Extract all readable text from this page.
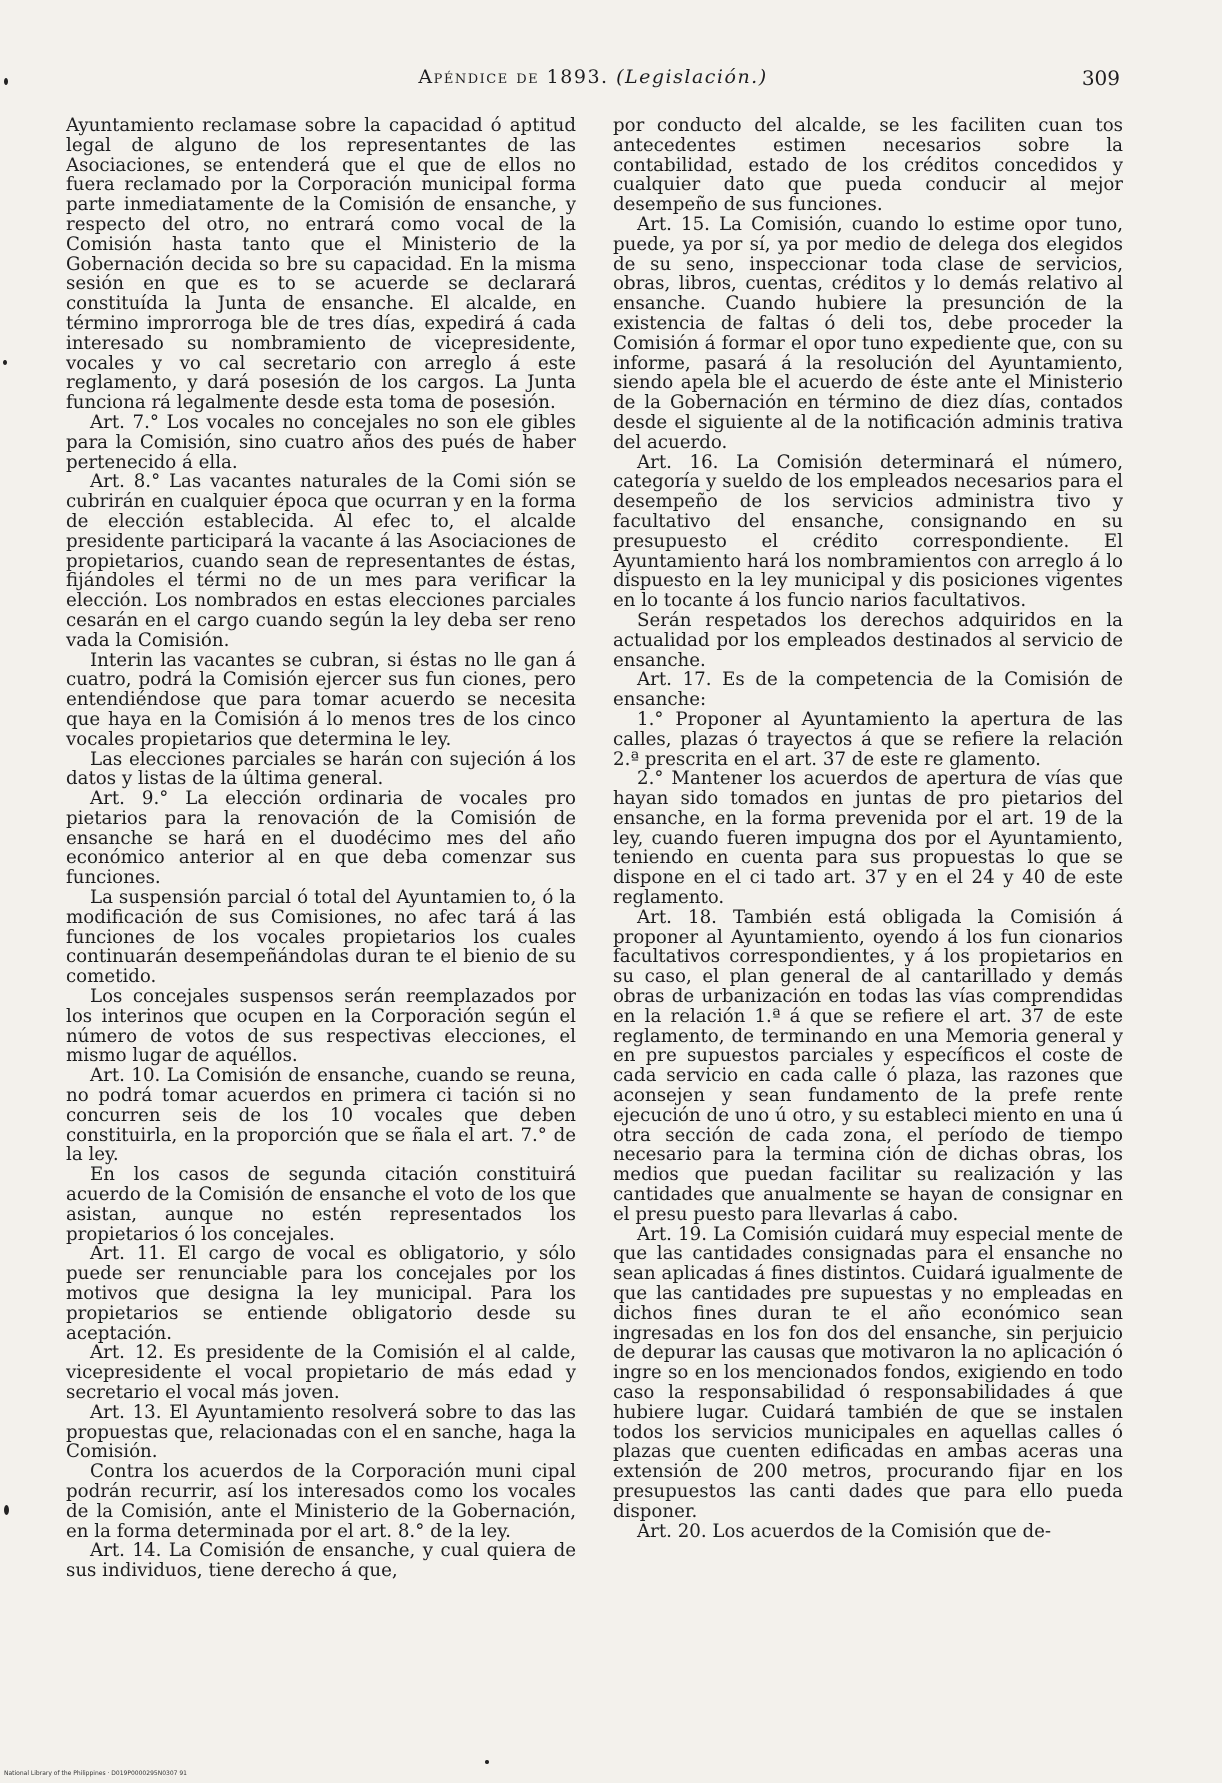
Apéndice de 1893. (Legislación.)	309

Ayuntamiento reclamase sobre la capacidad ó aptitud legal de alguno de los representantes de las Asociaciones, se entenderá que el que de ellos no fuera reclamado por la Corporación municipal forma parte inmediatamente de la Comisión de ensanche, y respecto del otro, no entrará como vocal de la Comisión hasta tanto que el Ministerio de la Gobernación decida so bre su capacidad. En la misma sesión en que es to se acuerde se declarará constituída la Junta de ensanche. El alcalde, en término improrroga ble de tres días, expedirá á cada interesado su nombramiento de vicepresidente, vocales y vo cal secretario con arreglo á este reglamento, y dará posesión de los cargos. La Junta funciona rá legalmente desde esta toma de posesión.

Art. 7.° Los vocales no concejales no son ele gibles para la Comisión, sino cuatro años des pués de haber pertenecido á ella.

Art. 8.° Las vacantes naturales de la Comi sión se cubrirán en cualquier época que ocurran y en la forma de elección establecida. Al efec to, el alcalde presidente participará la vacante á las Asociaciones de propietarios, cuando sean de representantes de éstas, fijándoles el térmi no de un mes para verificar la elección. Los nombrados en estas elecciones parciales cesarán en el cargo cuando según la ley deba ser reno vada la Comisión.

Interin las vacantes se cubran, si éstas no lle gan á cuatro, podrá la Comisión ejercer sus fun ciones, pero entendiéndose que para tomar acuerdo se necesita que haya en la Comisión á lo menos tres de los cinco vocales propietarios que determina le ley.

Las elecciones parciales se harán con sujeción á los datos y listas de la última general.

Art. 9.° La elección ordinaria de vocales pro pietarios para la renovación de la Comisión de ensanche se hará en el duodécimo mes del año económico anterior al en que deba comenzar sus funciones.

La suspensión parcial ó total del Ayuntamien to, ó la modificación de sus Comisiones, no afec tará á las funciones de los vocales propietarios los cuales continuarán desempeñándolas duran te el bienio de su cometido.

Los concejales suspensos serán reemplazados por los interinos que ocupen en la Corporación según el número de votos de sus respectivas elecciones, el mismo lugar de aquéllos.

Art. 10. La Comisión de ensanche, cuando se reuna, no podrá tomar acuerdos en primera ci tación si no concurren seis de los 10 vocales que deben constituirla, en la proporción que se ñala el art. 7.° de la ley.

En los casos de segunda citación constituirá acuerdo de la Comisión de ensanche el voto de los que asistan, aunque no estén representados los propietarios ó los concejales.

Art. 11. El cargo de vocal es obligatorio, y sólo puede ser renunciable para los concejales por los motivos que designa la ley municipal. Para los propietarios se entiende obligatorio desde su aceptación.

Art. 12. Es presidente de la Comisión el al calde, vicepresidente el vocal propietario de más edad y secretario el vocal más joven.

Art. 13. El Ayuntamiento resolverá sobre to das las propuestas que, relacionadas con el en sanche, haga la Comisión.

Contra los acuerdos de la Corporación muni cipal podrán recurrir, así los interesados como los vocales de la Comisión, ante el Ministerio de la Gobernación, en la forma determinada por el art. 8.° de la ley.

Art. 14. La Comisión de ensanche, y cual quiera de sus individuos, tiene derecho á que,

por conducto del alcalde, se les faciliten cuan tos antecedentes estimen necesarios sobre la contabilidad, estado de los créditos concedidos y cualquier dato que pueda conducir al mejor desempeño de sus funciones.

Art. 15. La Comisión, cuando lo estime opor tuno, puede, ya por sí, ya por medio de delega dos elegidos de su seno, inspeccionar toda clase de servicios, obras, libros, cuentas, créditos y lo demás relativo al ensanche. Cuando hubiere la presunción de la existencia de faltas ó deli tos, debe proceder la Comisión á formar el opor tuno expediente que, con su informe, pasará á la resolución del Ayuntamiento, siendo apela ble el acuerdo de éste ante el Ministerio de la Gobernación en término de diez días, contados desde el siguiente al de la notificación adminis trativa del acuerdo.

Art. 16. La Comisión determinará el número, categoría y sueldo de los empleados necesarios para el desempeño de los servicios administra tivo y facultativo del ensanche, consignando en su presupuesto el crédito correspondiente. El Ayuntamiento hará los nombramientos con arreglo á lo dispuesto en la ley municipal y dis posiciones vigentes en lo tocante á los funcio narios facultativos.

Serán respetados los derechos adquiridos en la actualidad por los empleados destinados al servicio de ensanche.

Art. 17. Es de la competencia de la Comisión de ensanche:

1.° Proponer al Ayuntamiento la apertura de las calles, plazas ó trayectos á que se refiere la relación 2.ª prescrita en el art. 37 de este re glamento.

2.° Mantener los acuerdos de apertura de vías que hayan sido tomados en juntas de pro pietarios del ensanche, en la forma prevenida por el art. 19 de la ley, cuando fueren impugna dos por el Ayuntamiento, teniendo en cuenta para sus propuestas lo que se dispone en el ci tado art. 37 y en el 24 y 40 de este reglamento.

Art. 18. También está obligada la Comisión á proponer al Ayuntamiento, oyendo á los fun cionarios facultativos correspondientes, y á los propietarios en su caso, el plan general de al cantarillado y demás obras de urbanización en todas las vías comprendidas en la relación 1.ª á que se refiere el art. 37 de este reglamento, de terminando en una Memoria general y en pre supuestos parciales y específicos el coste de cada servicio en cada calle ó plaza, las razones que aconsejen y sean fundamento de la prefe rente ejecución de uno ú otro, y su estableci miento en una ú otra sección de cada zona, el período de tiempo necesario para la termina ción de dichas obras, los medios que puedan facilitar su realización y las cantidades que anualmente se hayan de consignar en el presu puesto para llevarlas á cabo.

Art. 19. La Comisión cuidará muy especial mente de que las cantidades consignadas para el ensanche no sean aplicadas á fines distintos. Cuidará igualmente de que las cantidades pre supuestas y no empleadas en dichos fines duran te el año económico sean ingresadas en los fon dos del ensanche, sin perjuicio de depurar las causas que motivaron la no aplicación ó ingre so en los mencionados fondos, exigiendo en todo caso la responsabilidad ó responsabilidades á que hubiere lugar. Cuidará también de que se instalen todos los servicios municipales en aquellas calles ó plazas que cuenten edificadas en ambas aceras una extensión de 200 metros, procurando fijar en los presupuestos las canti dades que para ello pueda disponer.

Art. 20. Los acuerdos de la Comisión que de-

National Library of the Philippines · D019P0000295N0307 91
